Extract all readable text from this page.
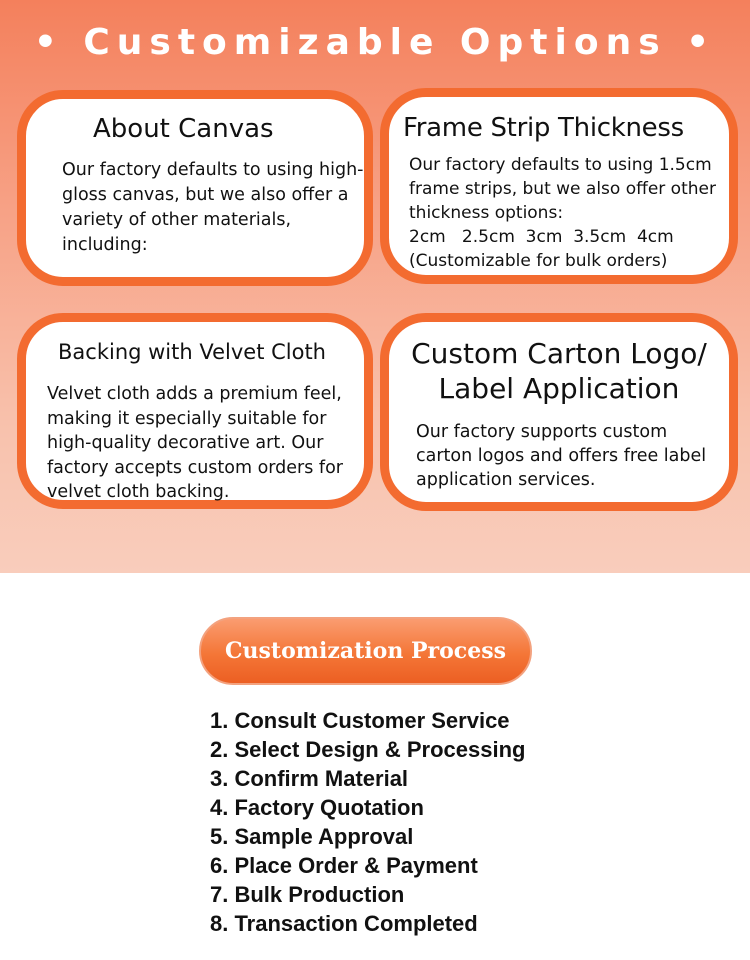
• Customizable Options •
About Canvas

Our factory defaults to using high-gloss canvas, but we also offer a variety of other materials, including:

Frame Strip Thickness

Our factory defaults to using 1.5cm frame strips, but we also offer other thickness options:
2cm   2.5cm  3cm  3.5cm  4cm
(Customizable for bulk orders)

Backing with Velvet Cloth

Velvet cloth adds a premium feel, making it especially suitable for high-quality decorative art. Our factory accepts custom orders for velvet cloth backing.

Custom Carton Logo/ Label Application

Our factory supports custom carton logos and offers free label application services.

Customization Process
1. Consult Customer Service
2. Select Design & Processing
3. Confirm Material
4. Factory Quotation
5. Sample Approval
6. Place Order & Payment
7. Bulk Production
8. Transaction Completed
